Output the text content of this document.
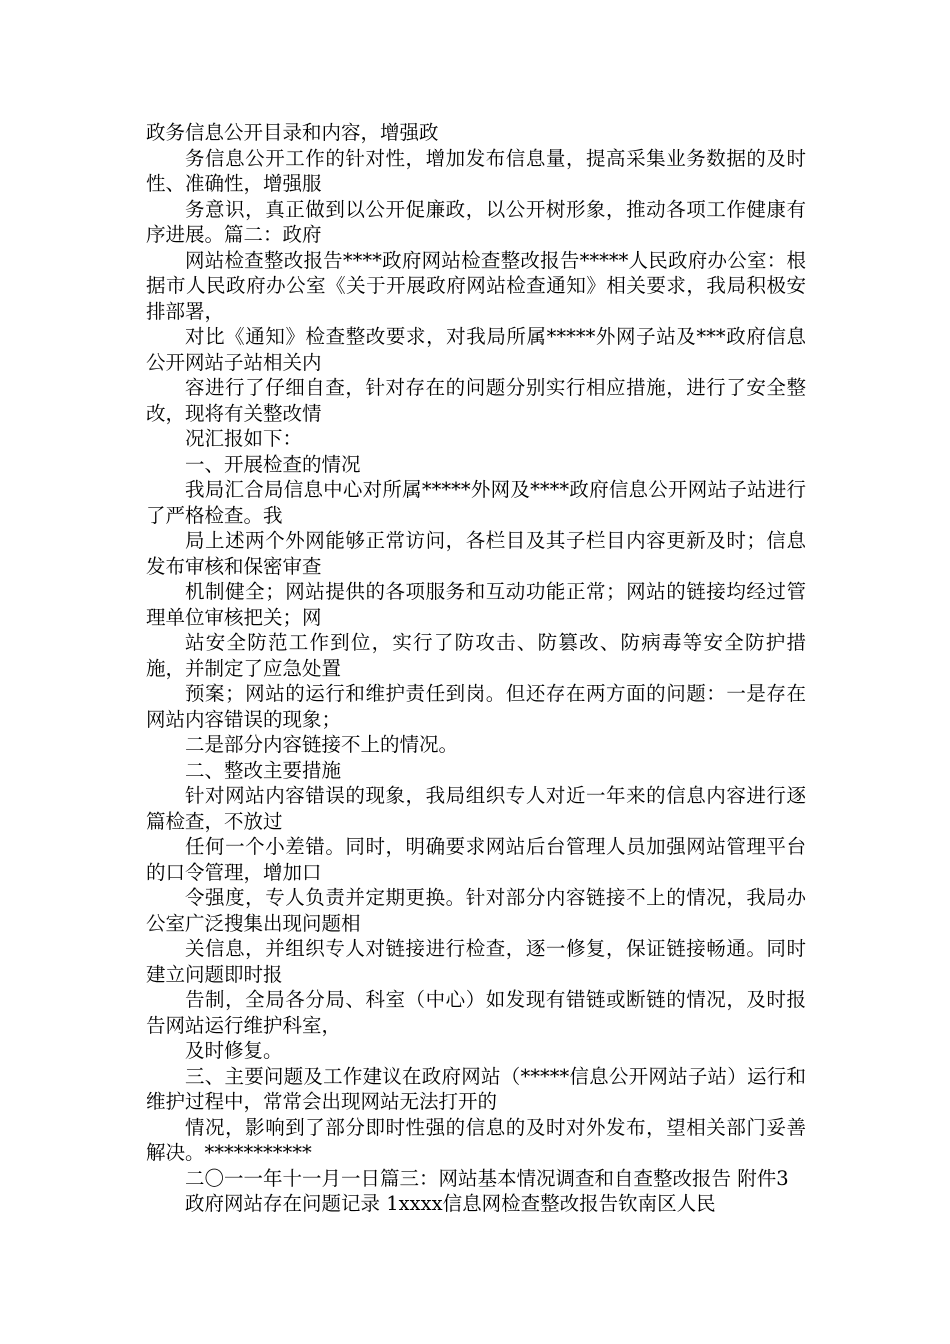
政务信息公开目录和内容，增强政

务信息公开工作的针对性，增加发布信息量，提高采集业务数据的及时性、准确性，增强服

务意识，真正做到以公开促廉政，以公开树形象，推动各项工作健康有序进展。篇二：政府

网站检查整改报告****政府网站检查整改报告*****人民政府办公室：根据市人民政府办公室《关于开展政府网站检查通知》相关要求，我局积极安排部署，

对比《通知》检查整改要求，对我局所属*****外网子站及***政府信息公开网站子站相关内

容进行了仔细自查，针对存在的问题分别实行相应措施，进行了安全整改，现将有关整改情

况汇报如下：

一、开展检查的情况

我局汇合局信息中心对所属*****外网及****政府信息公开网站子站进行了严格检查。我

局上述两个外网能够正常访问，各栏目及其子栏目内容更新及时；信息发布审核和保密审查

机制健全；网站提供的各项服务和互动功能正常；网站的链接均经过管理单位审核把关；网

站安全防范工作到位，实行了防攻击、防篡改、防病毒等安全防护措施，并制定了应急处置

预案；网站的运行和维护责任到岗。但还存在两方面的问题：一是存在网站内容错误的现象；

二是部分内容链接不上的情况。

二、整改主要措施

针对网站内容错误的现象，我局组织专人对近一年来的信息内容进行逐篇检查，不放过

任何一个小差错。同时，明确要求网站后台管理人员加强网站管理平台的口令管理，增加口

令强度，专人负责并定期更换。针对部分内容链接不上的情况，我局办公室广泛搜集出现问题相

关信息，并组织专人对链接进行检查，逐一修复，保证链接畅通。同时建立问题即时报

告制，全局各分局、科室（中心）如发现有错链或断链的情况，及时报告网站运行维护科室，

及时修复。

三、主要问题及工作建议在政府网站（*****信息公开网站子站）运行和维护过程中，常常会出现网站无法打开的

情况，影响到了部分即时性强的信息的及时对外发布，望相关部门妥善解决。***********

二〇一一年十一月一日篇三：网站基本情况调查和自查整改报告 附件3

政府网站存在问题记录 1xxxx信息网检查整改报告钦南区人民
